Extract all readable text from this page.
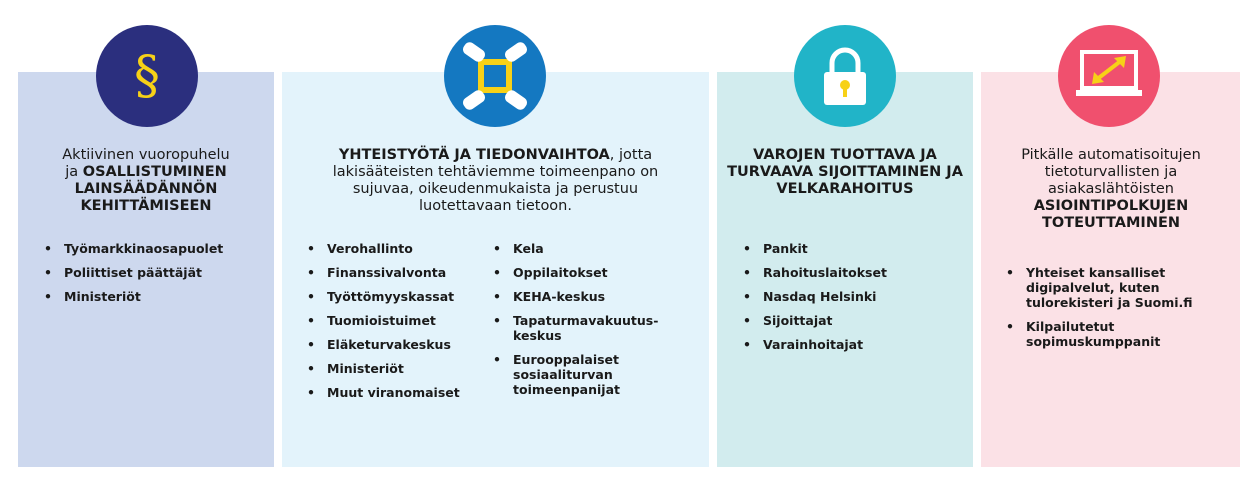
§
Aktiivinen vuoropuhelu
ja OSALLISTUMINEN LAINSÄÄDÄNNÖN KEHITTÄMISEEN
• Työmarkkinaosapuolet
• Poliittiset päättäjät
• Ministeriöt
YHTEISTYÖTÄ JA TIEDONVAIHTOA, jotta lakisääteisten tehtäviemme toimeenpano on sujuvaa, oikeudenmukaista ja perustuu luotettavaan tietoon.
• Verohallinto
• Finanssivalvonta
• Työttömyyskassat
• Tuomioistuimet
• Eläketurvakeskus
• Ministeriöt
• Muut viranomaiset
• Kela
• Oppilaitokset
• KEHA-keskus
• Tapaturmavakuutus-keskus
• Eurooppalaiset sosiaaliturvan toimeenpanijat
VAROJEN TUOTTAVA JA TURVAAVA SIJOITTAMINEN JA VELKARAHOITUS
• Pankit
• Rahoituslaitokset
• Nasdaq Helsinki
• Sijoittajat
• Varainhoitajat
Pitkälle automatisoitujen tietoturvallisten ja asiakaslähtöisten
ASIOINTIPOLKUJEN TOTEUTTAMINEN
• Yhteiset kansalliset digipalvelut, kuten tulorekisteri ja Suomi.fi
• Kilpailutetut sopimuskumppanit
